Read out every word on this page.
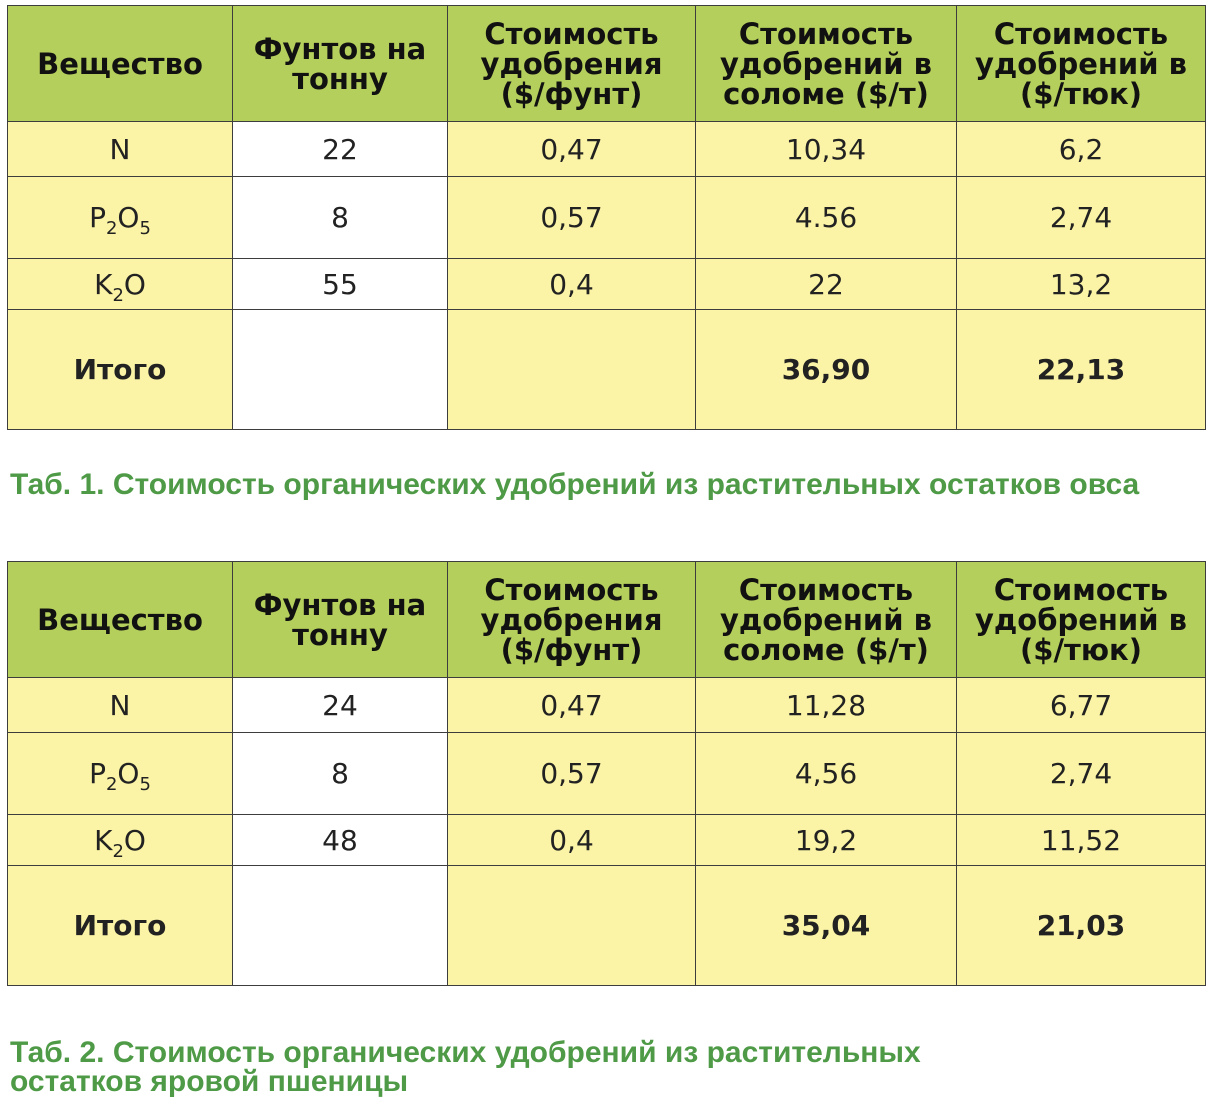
Вещество	Фунтов на тонну	Стоимость удобрения ($/фунт)	Стоимость удобрений в соломе ($/т)	Стоимость удобрений в ($/тюк)
N	22	0,47	10,34	6,2
$P_2O_5$	8	0,57	4.56	2,74
$K_2O$	55	0,4	22	13,2
Итого			36,90	22,13

Таб. 1. Стоимость органических удобрений из растительных остатков овса

Вещество	Фунтов на тонну	Стоимость удобрения ($/фунт)	Стоимость удобрений в соломе ($/т)	Стоимость удобрений в ($/тюк)
N	24	0,47	11,28	6,77
$P_2O_5$	8	0,57	4,56	2,74
$K_2O$	48	0,4	19,2	11,52
Итого			35,04	21,03

Таб. 2. Стоимость органических удобрений из растительных
остатков яровой пшеницы
